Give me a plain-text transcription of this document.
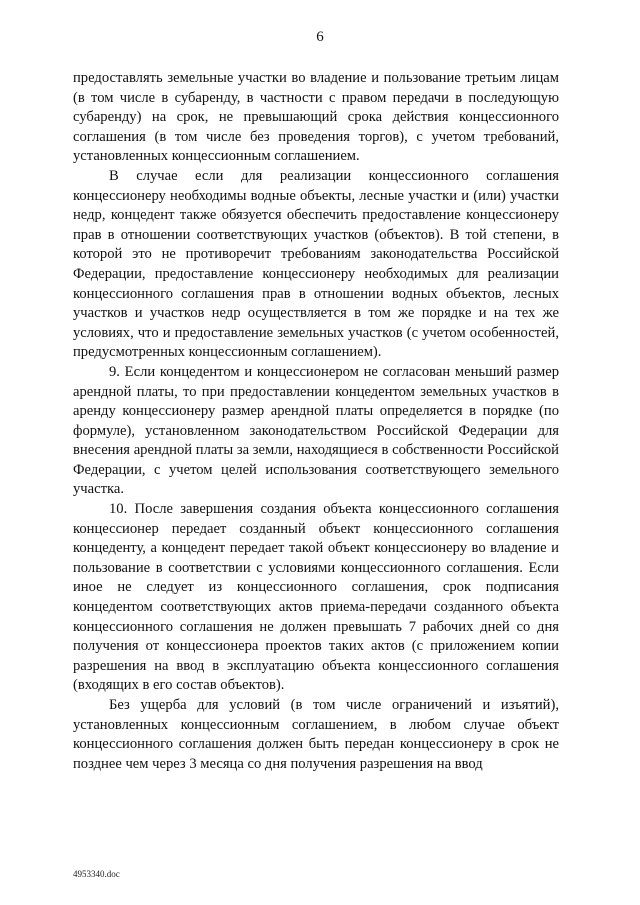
6

предоставлять земельные участки во владение и пользование третьим лицам (в том числе в субаренду, в частности с правом передачи в последующую субаренду) на срок, не превышающий срока действия концессионного соглашения (в том числе без проведения торгов), с учетом требований, установленных концессионным соглашением.

В случае если для реализации концессионного соглашения концессионеру необходимы водные объекты, лесные участки и (или) участки недр, концедент также обязуется обеспечить предоставление концессионеру прав в отношении соответствующих участков (объектов). В той степени, в которой это не противоречит требованиям законодательства Российской Федерации, предоставление концессионеру необходимых для реализации концессионного соглашения прав в отношении водных объектов, лесных участков и участков недр осуществляется в том же порядке и на тех же условиях, что и предоставление земельных участков (с учетом особенностей, предусмотренных концессионным соглашением).

9. Если концедентом и концессионером не согласован меньший размер арендной платы, то при предоставлении концедентом земельных участков в аренду концессионеру размер арендной платы определяется в порядке (по формуле), установленном законодательством Российской Федерации для внесения арендной платы за земли, находящиеся в собственности Российской Федерации, с учетом целей использования соответствующего земельного участка.

10. После завершения создания объекта концессионного соглашения концессионер передает созданный объект концессионного соглашения концеденту, а концедент передает такой объект концессионеру во владение и пользование в соответствии с условиями концессионного соглашения. Если иное не следует из концессионного соглашения, срок подписания концедентом соответствующих актов приема-передачи созданного объекта концессионного соглашения не должен превышать 7 рабочих дней со дня получения от концессионера проектов таких актов (с приложением копии разрешения на ввод в эксплуатацию объекта концессионного соглашения (входящих в его состав объектов).

Без ущерба для условий (в том числе ограничений и изъятий), установленных концессионным соглашением, в любом случае объект концессионного соглашения должен быть передан концессионеру в срок не позднее чем через 3 месяца со дня получения разрешения на ввод

4953340.doc
